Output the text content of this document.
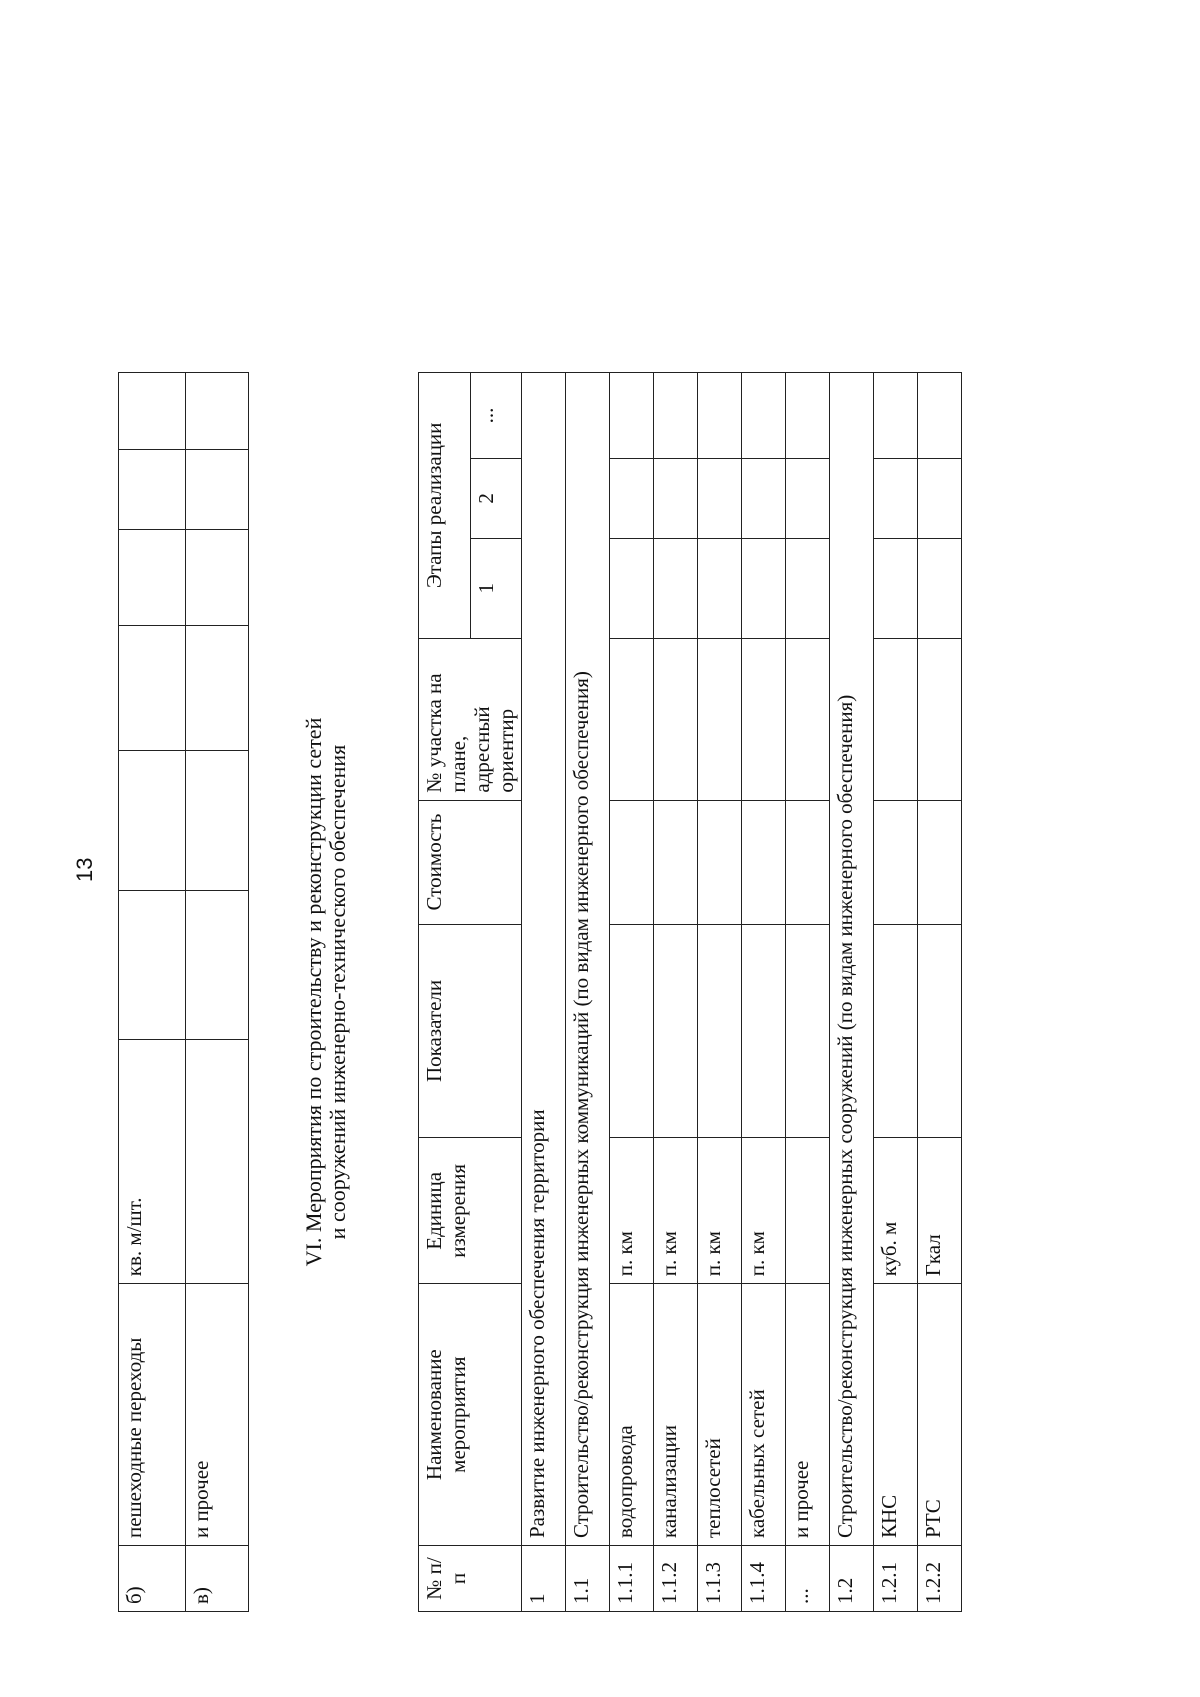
13
б)	пешеходные переходы	кв. м/шт.						
в)	и прочее							
VI. Мероприятия по строительству и реконструкции сетей и сооружений инженерно-технического обеспечения
№ п/п	Наименование мероприятия	Единица измерения	Показатели	Стоимость	№ участка на плане, адресный ориентир	Этапы реализации		
						1	2	...
1	Развитие инженерного обеспечения территории							
1.1	Строительство/реконструкция инженерных коммуникаций (по видам инженерного обеспечения)							
1.1.1	водопровода	п. км						
1.1.2	канализации	п. км						
1.1.3	теплосетей	п. км						
1.1.4	кабельных сетей	п. км						
...	и прочее							
1.2	Строительство/реконструкция инженерных сооружений (по видам инженерного обеспечения)							
1.2.1	КНС	куб. м						
1.2.2	РТС	Гкал						
